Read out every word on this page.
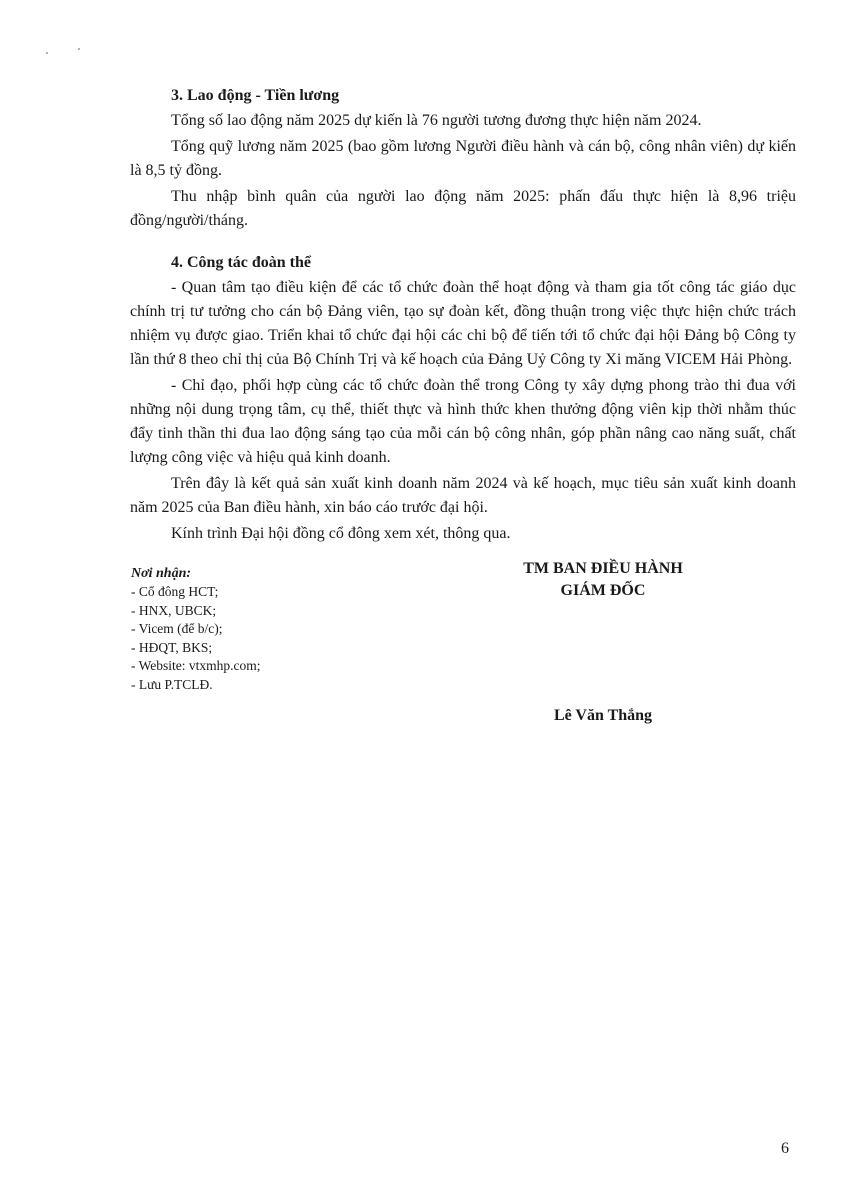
3. Lao động - Tiền lương

Tổng số lao động năm 2025 dự kiến là 76 người tương đương thực hiện năm 2024.

Tổng quỹ lương năm 2025 (bao gồm lương Người điều hành và cán bộ, công nhân viên) dự kiến là 8,5 tỷ đồng.

Thu nhập bình quân của người lao động năm 2025: phấn đấu thực hiện là 8,96 triệu đồng/người/tháng.

4. Công tác đoàn thể

- Quan tâm tạo điều kiện để các tổ chức đoàn thể hoạt động và tham gia tốt công tác giáo dục chính trị tư tưởng cho cán bộ Đảng viên, tạo sự đoàn kết, đồng thuận trong việc thực hiện chức trách nhiệm vụ được giao. Triển khai tổ chức đại hội các chi bộ để tiến tới tổ chức đại hội Đảng bộ Công ty lần thứ 8 theo chỉ thị của Bộ Chính Trị và kế hoạch của Đảng Uỷ Công ty Xi măng VICEM Hải Phòng.

- Chỉ đạo, phối hợp cùng các tổ chức đoàn thể trong Công ty xây dựng phong trào thi đua với những nội dung trọng tâm, cụ thể, thiết thực và hình thức khen thưởng động viên kịp thời nhằm thúc đẩy tinh thần thi đua lao động sáng tạo của mỗi cán bộ công nhân, góp phần nâng cao năng suất, chất lượng công việc và hiệu quả kinh doanh.

Trên đây là kết quả sản xuất kinh doanh năm 2024 và kế hoạch, mục tiêu sản xuất kinh doanh năm 2025 của Ban điều hành, xin báo cáo trước đại hội.

Kính trình Đại hội đồng cổ đông xem xét, thông qua.

Nơi nhận:
- Cổ đông HCT;
- HNX, UBCK;
- Vicem (để b/c);
- HĐQT, BKS;
- Website: vtxmhp.com;
- Lưu P.TCLĐ.
TM BAN ĐIỀU HÀNH
GIÁM ĐỐC
Lê Văn Thắng
6
